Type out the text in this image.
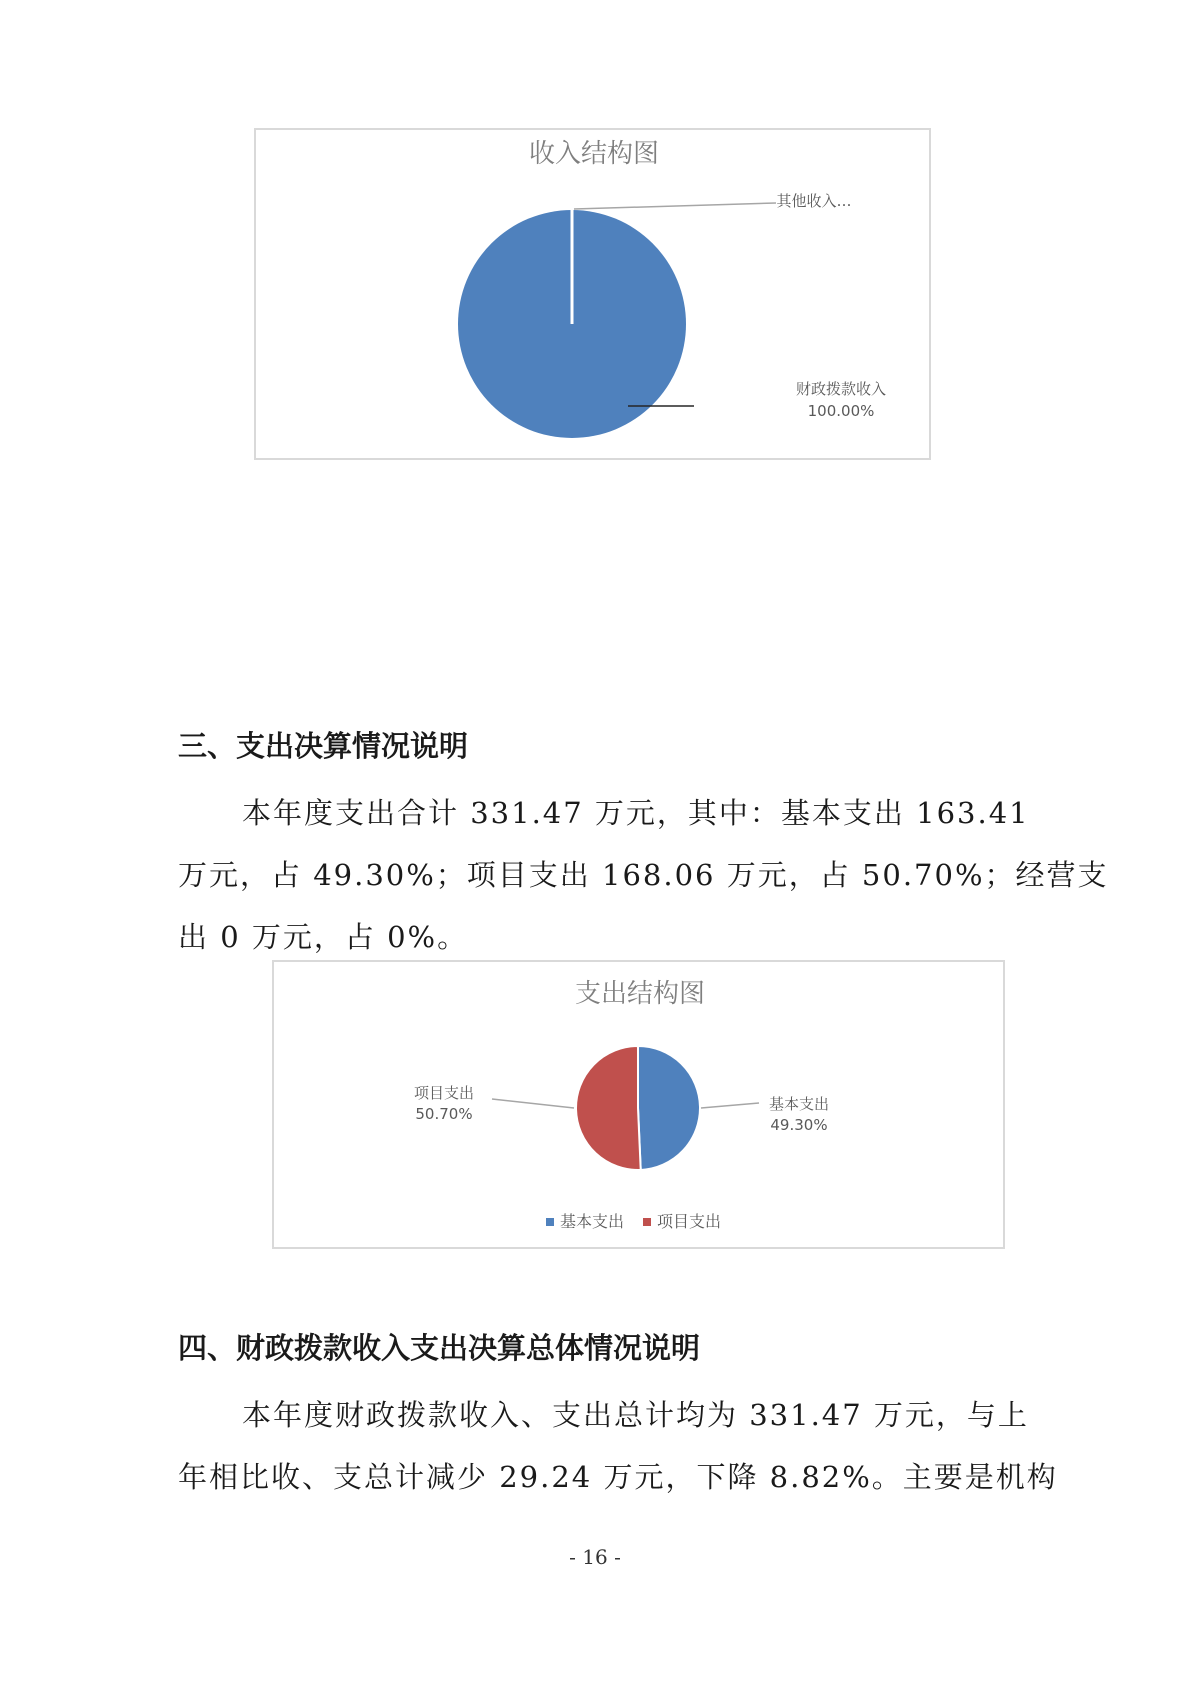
收入结构图
其他收入…
财政拨款收入
100.00%
三、支出决算情况说明
本年度支出合计 331.47 万元，其中：基本支出 163.41
万元，占 49.30%；项目支出 168.06 万元，占 50.70%；经营支
出 0 万元，占 0%。
支出结构图
基本支出
49.30%
项目支出
50.70%
基本支出 项目支出
四、财政拨款收入支出决算总体情况说明
本年度财政拨款收入、支出总计均为 331.47 万元，与上
年相比收、支总计减少 29.24 万元，下降 8.82%。主要是机构
- 16 -
